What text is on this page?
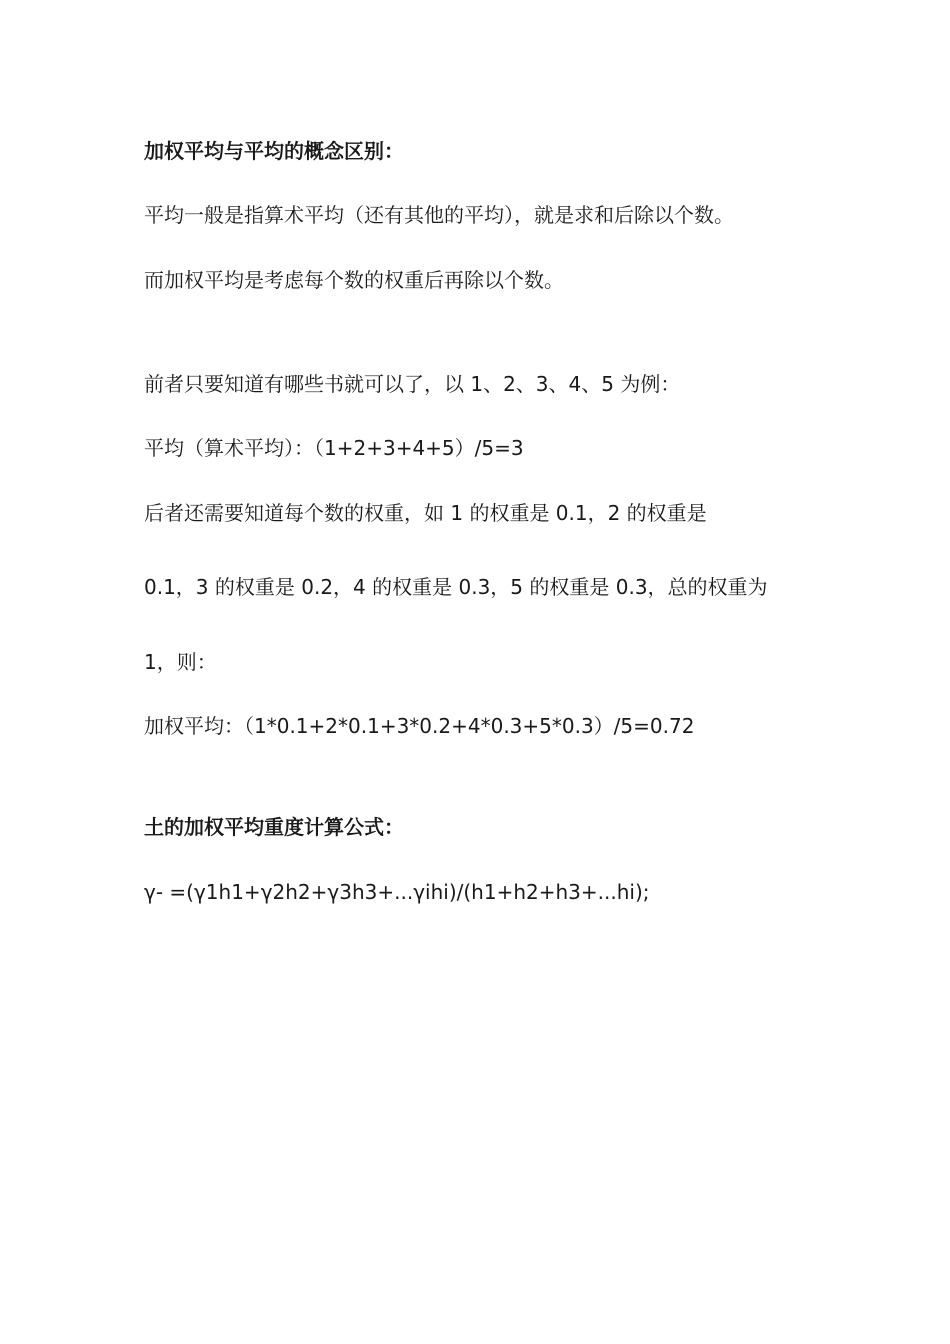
加权平均与平均的概念区别：
平均一般是指算术平均（还有其他的平均），就是求和后除以个数。
而加权平均是考虑每个数的权重后再除以个数。
前者只要知道有哪些书就可以了，以 1、2、3、4、5 为例：
平均（算术平均）：（1+2+3+4+5）/5=3
后者还需要知道每个数的权重，如 1 的权重是 0.1，2 的权重是
0.1，3 的权重是 0.2，4 的权重是 0.3，5 的权重是 0.3，总的权重为
1，则：
加权平均：（1*0.1+2*0.1+3*0.2+4*0.3+5*0.3）/5=0.72
土的加权平均重度计算公式：
γ- =(γ1h1+γ2h2+γ3h3+...γihi)/(h1+h2+h3+...hi);
